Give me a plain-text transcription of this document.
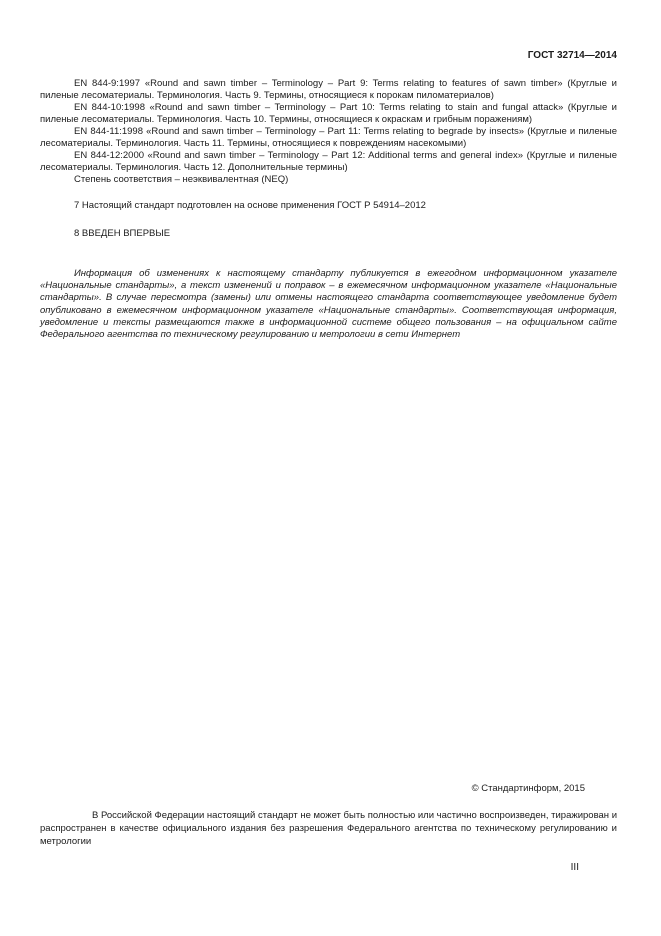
ГОСТ 32714—2014

EN 844-9:1997 «Round and sawn timber – Terminology – Part 9: Terms relating to features of sawn timber» (Круглые и пиленые лесоматериалы. Терминология. Часть 9. Термины, относящиеся к порокам пиломатериалов)

EN 844-10:1998 «Round and sawn timber – Terminology – Part 10: Terms relating to stain and fungal attack» (Круглые и пиленые лесоматериалы. Терминология. Часть 10. Термины, относящиеся к окраскам и грибным поражениям)

EN 844-11:1998 «Round and sawn timber – Terminology – Part 11: Terms relating to begrade by insects» (Круглые и пиленые лесоматериалы. Терминология. Часть 11. Термины, относящиеся к повреждениям насекомыми)

EN 844-12:2000 «Round and sawn timber – Terminology – Part 12: Additional terms and general index» (Круглые и пиленые лесоматериалы. Терминология. Часть 12. Дополнительные термины)

Степень соответствия – неэквивалентная (NEQ)

7 Настоящий стандарт подготовлен на основе применения ГОСТ Р 54914–2012

8 ВВЕДЕН ВПЕРВЫЕ

Информация об изменениях к настоящему стандарту публикуется в ежегодном информационном указателе «Национальные стандарты», а текст изменений и поправок – в ежемесячном информационном указателе «Национальные стандарты». В случае пересмотра (замены) или отмены настоящего стандарта соответствующее уведомление будет опубликовано в ежемесячном информационном указателе «Национальные стандарты». Соответствующая информация, уведомление и тексты размещаются также в информационной системе общего пользования – на официальном сайте Федерального агентства по техническому регулированию и метрологии в сети Интернет

© Стандартинформ, 2015

В Российской Федерации настоящий стандарт не может быть полностью или частично воспроизведен, тиражирован и распространен в качестве официального издания без разрешения Федерального агентства по техническому регулированию и метрологии

III
